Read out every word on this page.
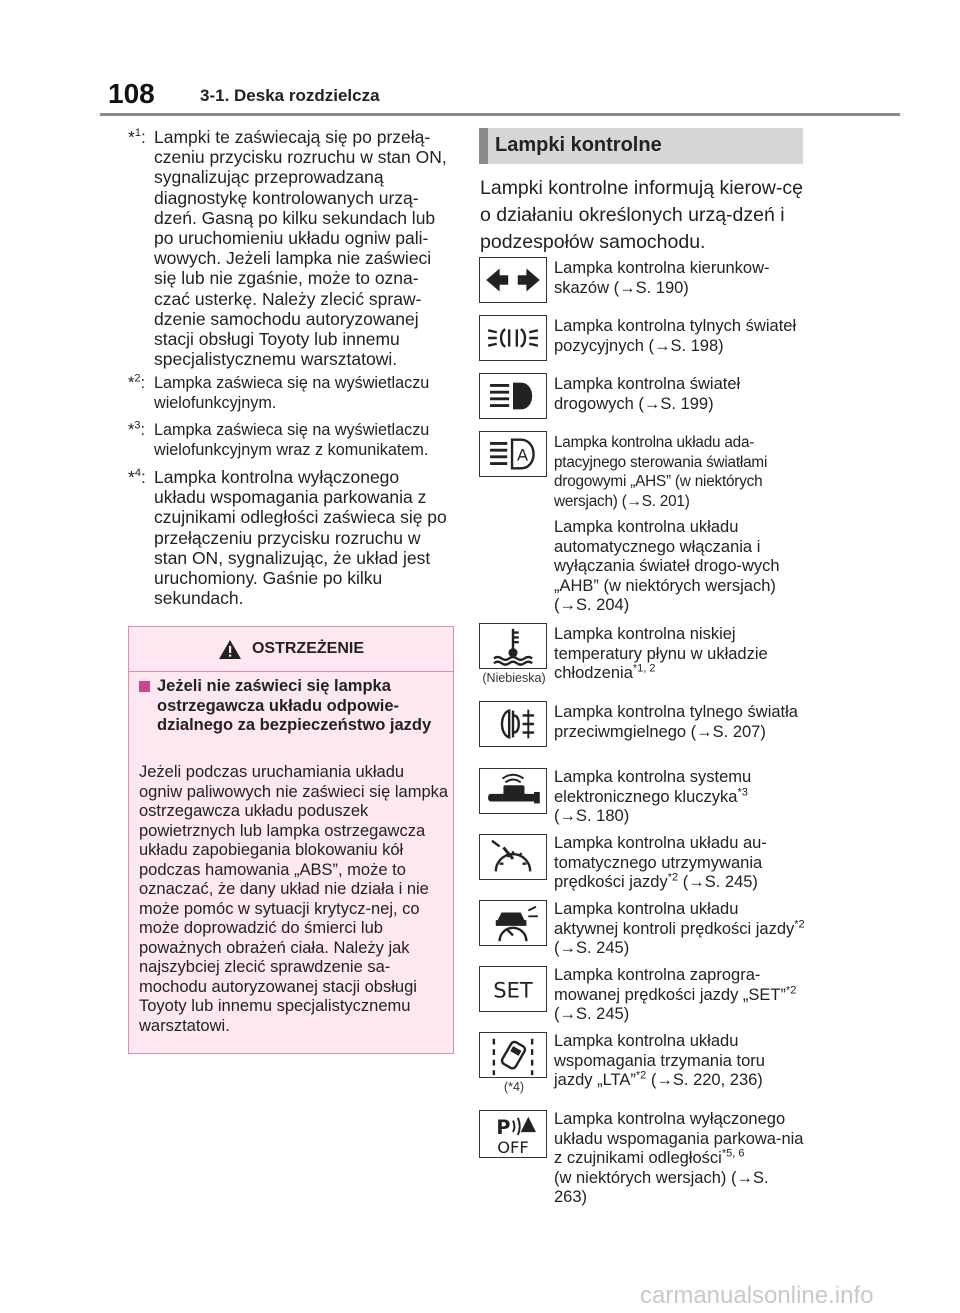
108	3-1. Deska rozdzielcza
*$^1$: Lampki te zaświecają się po przełą-czeniu przycisku rozruchu w stan ON, sygnalizując przeprowadzaną diagnostykę kontrolowanych urzą-dzeń. Gasną po kilku sekundach lub po uruchomieniu układu ogniw pali-wowych. Jeżeli lampka nie zaświeci się lub nie zgaśnie, może to ozna-czać usterkę. Należy zlecić spraw-dzenie samochodu autoryzowanej stacji obsługi Toyoty lub innemu specjalistycznemu warsztatowi.
*$^2$: Lampka zaświeca się na wyświetlaczu wielofunkcyjnym.
*$^3$: Lampka zaświeca się na wyświetlaczu wielofunkcyjnym wraz z komunikatem.
*$^4$: Lampka kontrolna wyłączonego układu wspomagania parkowania z czujnikami odległości zaświeca się po przełączeniu przycisku rozruchu w stan ON, sygnalizując, że układ jest uruchomiony. Gaśnie po kilku sekundach.
OSTRZEŻENIE
Jeżeli nie zaświeci się lampka ostrzegawcza układu odpowie-dzialnego za bezpieczeństwo jazdy
Jeżeli podczas uruchamiania układu ogniw paliwowych nie zaświeci się lampka ostrzegawcza układu poduszek powietrznych lub lampka ostrzegawcza układu zapobiegania blokowaniu kół podczas hamowania „ABS”, może to oznaczać, że dany układ nie działa i nie może pomóc w sytuacji krytycz-nej, co może doprowadzić do śmierci lub poważnych obrażeń ciała. Należy jak najszybciej zlecić sprawdzenie sa-mochodu autoryzowanej stacji obsługi Toyoty lub innemu specjalistycznemu warsztatowi.
Lampki kontrolne
Lampki kontrolne informują kierow-cę o działaniu określonych urzą-dzeń i podzespołów samochodu.
Lampka kontrolna kierunkow-skazów (→S. 190)
Lampka kontrolna tylnych świateł pozycyjnych (→S. 198)
Lampka kontrolna świateł drogowych (→S. 199)
A
Lampka kontrolna układu ada-ptacyjnego sterowania światłami drogowymi „AHS” (w niektórych wersjach) (→S. 201)
Lampka kontrolna układu automatycznego włączania i wyłączania świateł drogo-wych „AHB” (w niektórych wersjach) (→S. 204)
(Niebieska)
Lampka kontrolna niskiej temperatury płynu w układzie chłodzenia$^{*1, 2}$
Lampka kontrolna tylnego światła przeciwmgielnego (→S. 207)
Lampka kontrolna systemu elektronicznego kluczyka$^{*3}$
(→S. 180)
Lampka kontrolna układu au-tomatycznego utrzymywania prędkości jazdy$^{*2}$ (→S. 245)
Lampka kontrolna układu aktywnej kontroli prędkości jazdy$^{*2}$ (→S. 245)
SET
Lampka kontrolna zaprogra-mowanej prędkości jazdy „SET”$^{*2}$ (→S. 245)
(*4)
Lampka kontrolna układu wspomagania trzymania toru jazdy „LTA”$^{*2}$ (→S. 220, 236)
P
OFF
Lampka kontrolna wyłączonego układu wspomagania parkowa-nia z czujnikami odległości$^{*5, 6}$
(w niektórych wersjach) (→S. 263)
carmanualsonline.info
